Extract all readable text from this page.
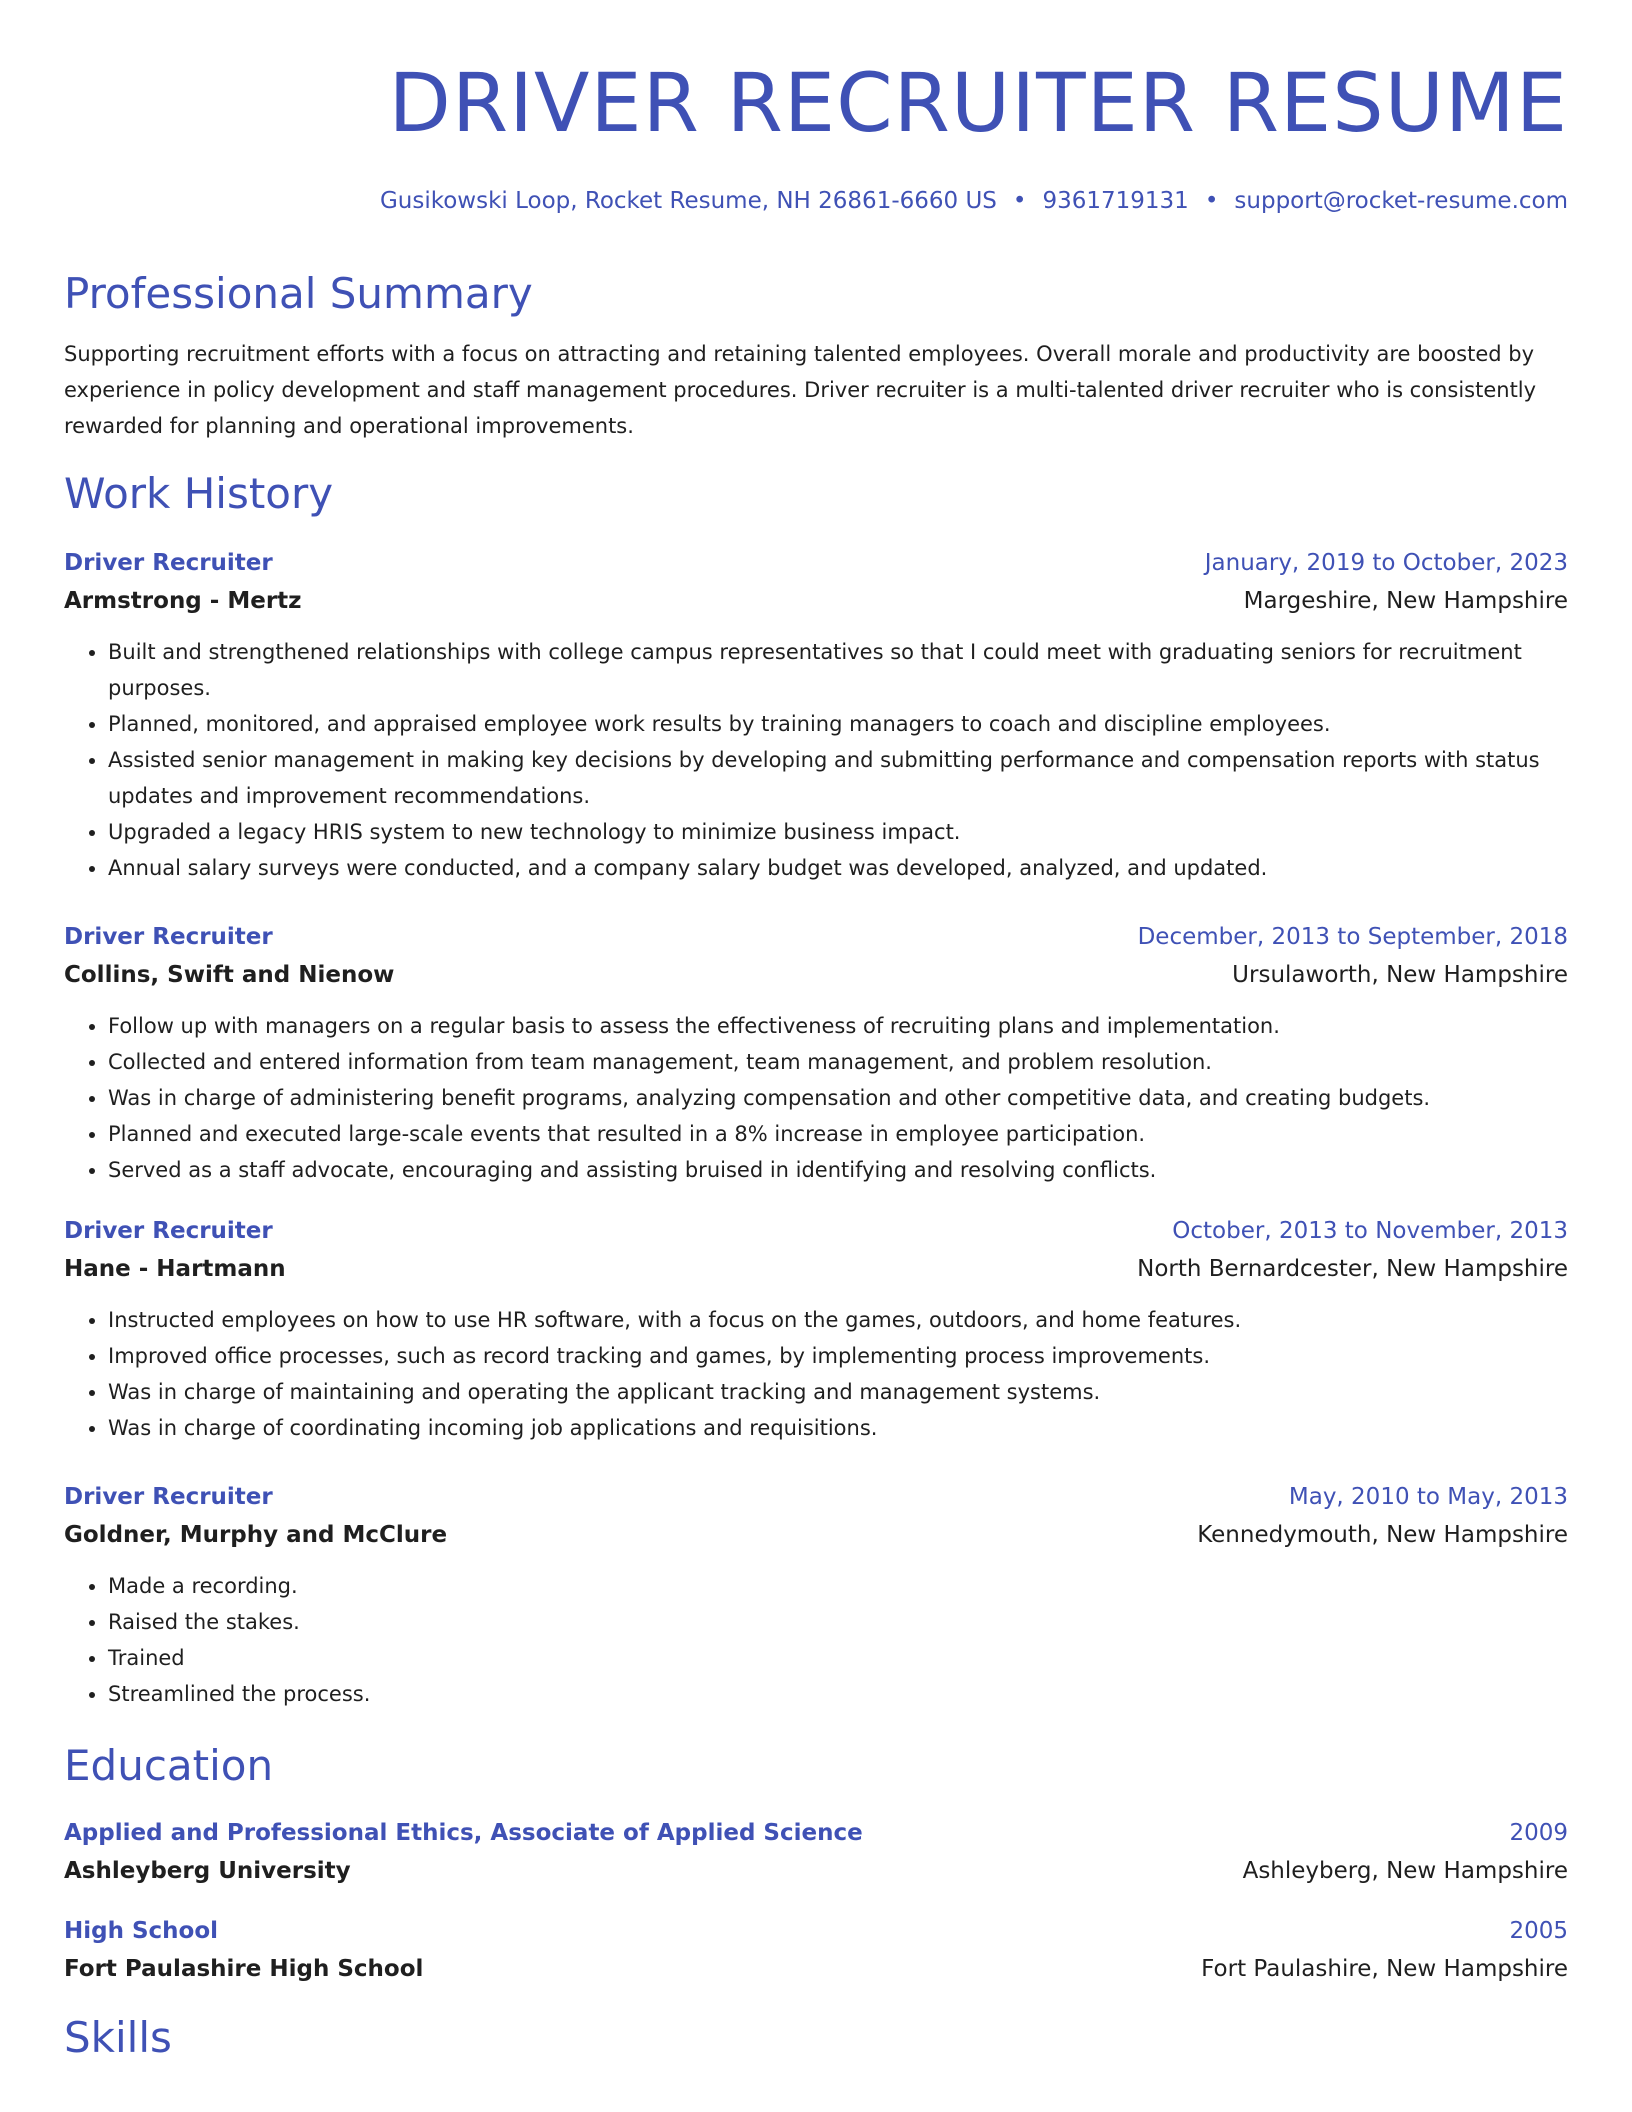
DRIVER RECRUITER RESUME
Gusikowski Loop, Rocket Resume, NH 26861-6660 US • 9361719131 • support@rocket-resume.com
Professional Summary
Supporting recruitment efforts with a focus on attracting and retaining talented employees. Overall morale and productivity are boosted by experience in policy development and staff management procedures. Driver recruiter is a multi-talented driver recruiter who is consistently rewarded for planning and operational improvements.
Work History
Driver Recruiter	January, 2019 to October, 2023
Armstrong - Mertz	Margeshire, New Hampshire
• Built and strengthened relationships with college campus representatives so that I could meet with graduating seniors for recruitment purposes.
• Planned, monitored, and appraised employee work results by training managers to coach and discipline employees.
• Assisted senior management in making key decisions by developing and submitting performance and compensation reports with status updates and improvement recommendations.
• Upgraded a legacy HRIS system to new technology to minimize business impact.
• Annual salary surveys were conducted, and a company salary budget was developed, analyzed, and updated.
Driver Recruiter	December, 2013 to September, 2018
Collins, Swift and Nienow	Ursulaworth, New Hampshire
• Follow up with managers on a regular basis to assess the effectiveness of recruiting plans and implementation.
• Collected and entered information from team management, team management, and problem resolution.
• Was in charge of administering benefit programs, analyzing compensation and other competitive data, and creating budgets.
• Planned and executed large-scale events that resulted in a 8% increase in employee participation.
• Served as a staff advocate, encouraging and assisting bruised in identifying and resolving conflicts.
Driver Recruiter	October, 2013 to November, 2013
Hane - Hartmann	North Bernardcester, New Hampshire
• Instructed employees on how to use HR software, with a focus on the games, outdoors, and home features.
• Improved office processes, such as record tracking and games, by implementing process improvements.
• Was in charge of maintaining and operating the applicant tracking and management systems.
• Was in charge of coordinating incoming job applications and requisitions.
Driver Recruiter	May, 2010 to May, 2013
Goldner, Murphy and McClure	Kennedymouth, New Hampshire
• Made a recording.
• Raised the stakes.
• Trained
• Streamlined the process.
Education
Applied and Professional Ethics, Associate of Applied Science	2009
Ashleyberg University	Ashleyberg, New Hampshire
High School	2005
Fort Paulashire High School	Fort Paulashire, New Hampshire
Skills
